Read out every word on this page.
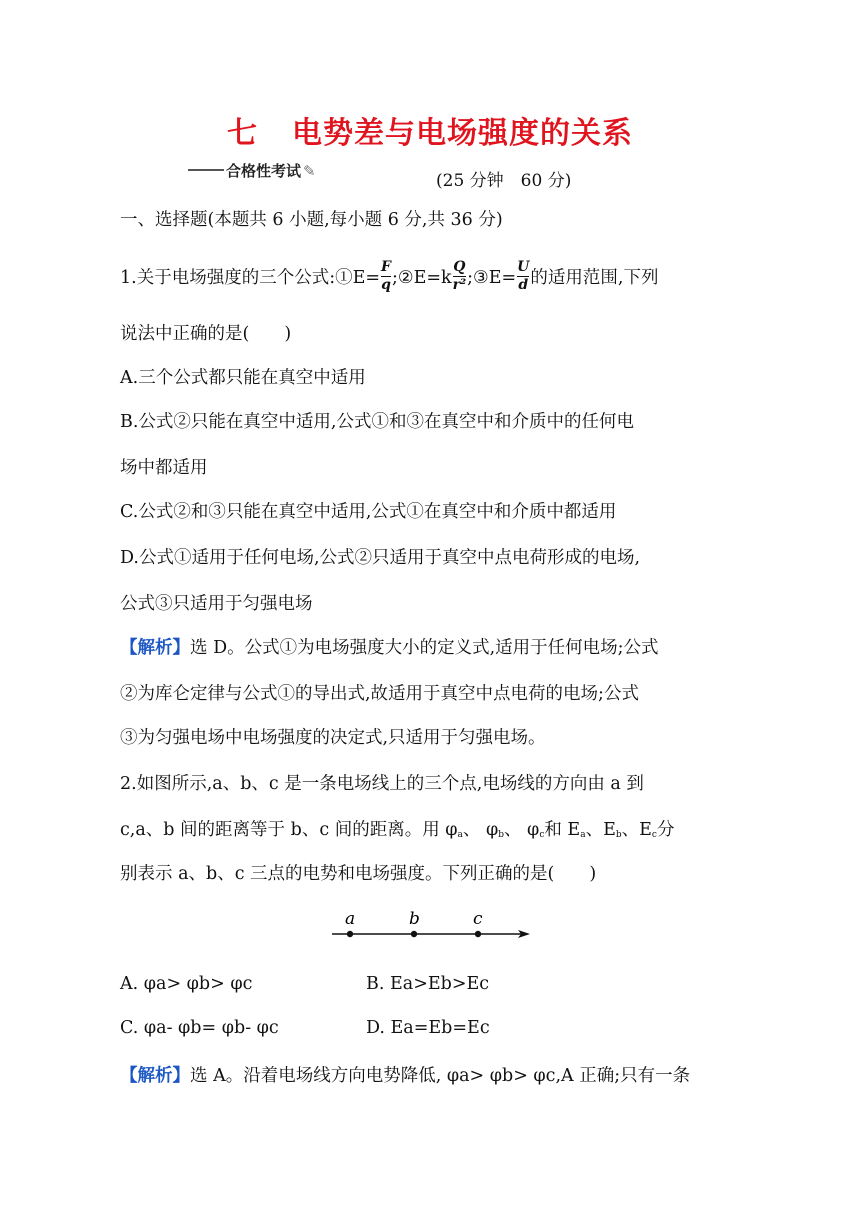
七 电势差与电场强度的关系
合格性考试 ✎	(25 分钟　60 分)
一、选择题(本题共 6 小题,每小题 6 分,共 36 分)
1.关于电场强度的三个公式:①E= $\frac{F}{q}$ ;②E=k $\frac{Q}{\text{r²}}$ ;③E= $\frac{U}{d}$ 的适用范围,下列
说法中正确的是(　　)
A.三个公式都只能在真空中适用
B.公式②只能在真空中适用,公式①和③在真空中和介质中的任何电
场中都适用
C.公式②和③只能在真空中适用,公式①在真空中和介质中都适用
D.公式①适用于任何电场,公式②只适用于真空中点电荷形成的电场,
公式③只适用于匀强电场
【解析】选 D。公式①为电场强度大小的定义式,适用于任何电场;公式
②为库仑定律与公式①的导出式,故适用于真空中点电荷的电场;公式
③为匀强电场中电场强度的决定式,只适用于匀强电场。
2.如图所示,a、b、c 是一条电场线上的三个点,电场线的方向由 a 到
c,a、b 间的距离等于 b、c 间的距离。用 $\varphi_a$、 $\varphi_b$、 $\varphi_c$和 $E_a$、$E_b$、$E_c$分
别表示 a、b、c 三点的电势和电场强度。下列正确的是(　　)
a	b	c
A. φa> φb> φc	B. Ea>Eb>Ec
C. φa- φb= φb- φc	D. Ea=Eb=Ec
【解析】选 A。沿着电场线方向电势降低, φa> φb> φc,A 正确;只有一条
